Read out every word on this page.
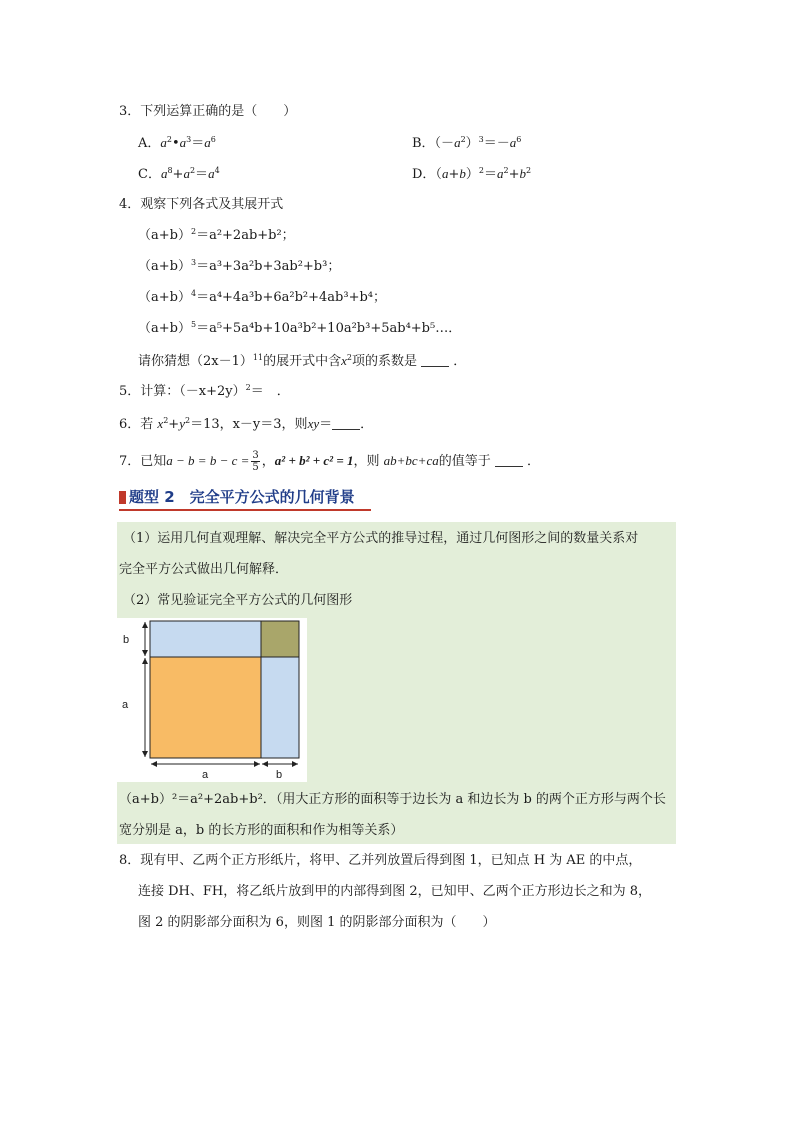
3．下列运算正确的是（　　）
A．$a^2•a^3=a^6$	B．$(-a^2)^3=-a^6$
C．$a^8+a^2=a^4$	D．$(a+b)^2=a^2+b^2$
4．观察下列各式及其展开式
$(a+b)^2=a^2+2ab+b^2$；
$(a+b)^3=a^3+3a^2b+3ab^2+b^3$；
$(a+b)^4=a^4+4a^3b+6a^2b^2+4ab^3+b^4$；
$(a+b)^5=a^5+5a^4b+10a^3b^2+10a^2b^3+5ab^4+b^5\dots$．
请你猜想$(2x-1)^{11}$的展开式中含$x^2$项的系数是	．
5．计算：$(-x+2y)^2=$　．
6．若 $x^2+y^2=13$，x－y＝3，则xy＝ ．
7．已知$a - b = b - c = \frac{3}{5}$ ，a² + b² + c² = 1，则 ab+bc+ca的值等于	．
题型 2　完全平方公式的几何背景
（1）运用几何直观理解、解决完全平方公式的推导过程，通过几何图形之间的数量关系对
完全平方公式做出几何解释．
（2）常见验证完全平方公式的几何图形
b
a
a	b
（a+b）²＝a²+2ab+b²．（用大正方形的面积等于边长为 a 和边长为 b 的两个正方形与两个长
宽分别是 a，b 的长方形的面积和作为相等关系）
8．现有甲、乙两个正方形纸片，将甲、乙并列放置后得到图 1，已知点 H 为 AE 的中点，
连接 DH、FH，将乙纸片放到甲的内部得到图 2，已知甲、乙两个正方形边长之和为 8，
图 2 的阴影部分面积为 6，则图 1 的阴影部分面积为（　　）
